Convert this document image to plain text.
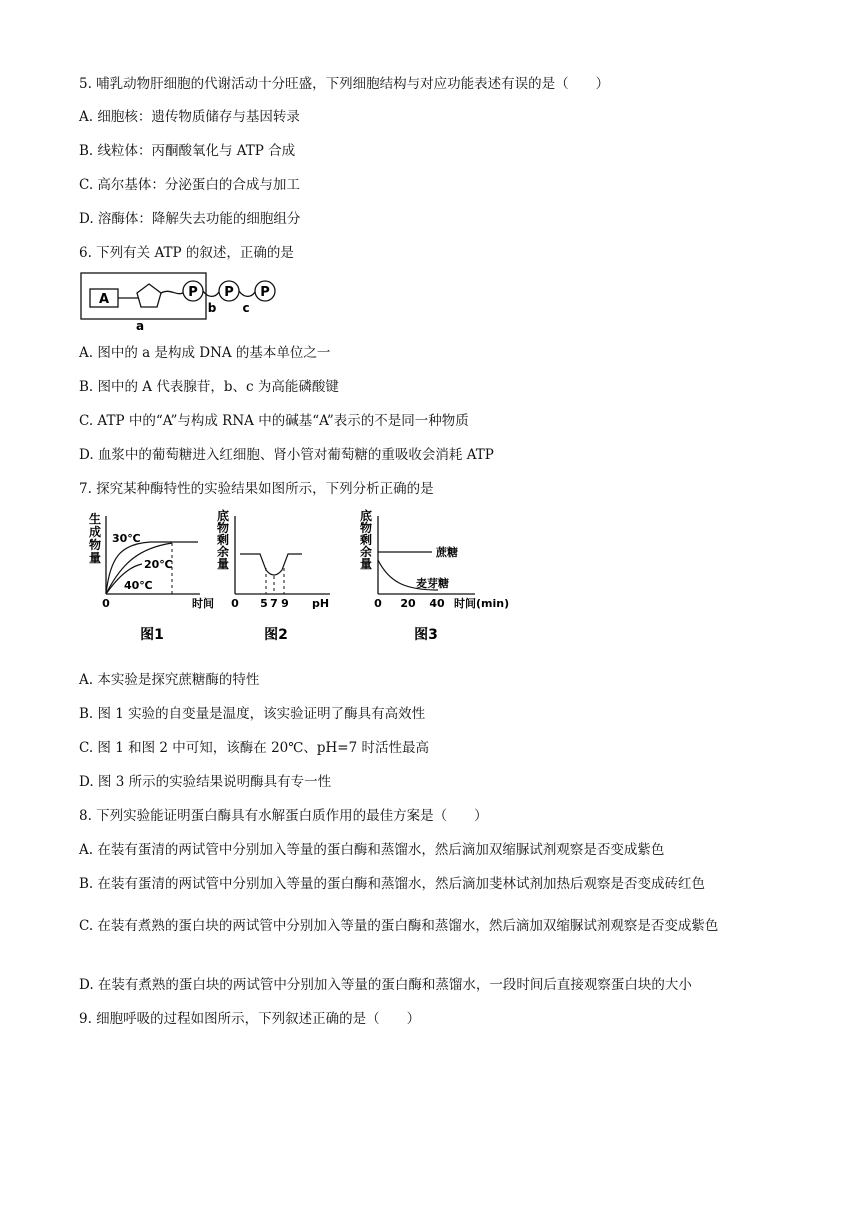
5. 哺乳动物肝细胞的代谢活动十分旺盛，下列细胞结构与对应功能表述有误的是（　　）
A. 细胞核：遗传物质储存与基因转录
B. 线粒体：丙酮酸氧化与 ATP 合成
C. 高尔基体：分泌蛋白的合成与加工
D. 溶酶体：降解失去功能的细胞组分
6. 下列有关 ATP 的叙述，正确的是
A	P P P
a
b c
A. 图中的 a 是构成 DNA 的基本单位之一
B. 图中的 A 代表腺苷，b、c 为高能磷酸键
C. ATP 中的“A”与构成 RNA 中的碱基“A”表示的不是同一种物质
D. 血浆中的葡萄糖进入红细胞、肾小管对葡萄糖的重吸收会消耗 ATP
7. 探究某种酶特性的实验结果如图所示，下列分析正确的是
生
成
物
量
30℃
20℃
40℃
0	时间
图1
底
物
剩
余
量
0 5 7 9 pH
图2
底
物
剩
余
量
蔗糖
麦芽糖
0 20 40 时间(min)
图3
A. 本实验是探究蔗糖酶的特性
B. 图 1 实验的自变量是温度，该实验证明了酶具有高效性
C. 图 1 和图 2 中可知，该酶在 20℃、pH=7 时活性最高
D. 图 3 所示的实验结果说明酶具有专一性
8. 下列实验能证明蛋白酶具有水解蛋白质作用的最佳方案是（　　）
A. 在装有蛋清的两试管中分别加入等量的蛋白酶和蒸馏水，然后滴加双缩脲试剂观察是否变成紫色
B. 在装有蛋清的两试管中分别加入等量的蛋白酶和蒸馏水，然后滴加斐林试剂加热后观察是否变成砖红色
C. 在装有煮熟的蛋白块的两试管中分别加入等量的蛋白酶和蒸馏水，然后滴加双缩脲试剂观察是否变成紫色
D. 在装有煮熟的蛋白块的两试管中分别加入等量的蛋白酶和蒸馏水，一段时间后直接观察蛋白块的大小
9. 细胞呼吸的过程如图所示，下列叙述正确的是（　　）
